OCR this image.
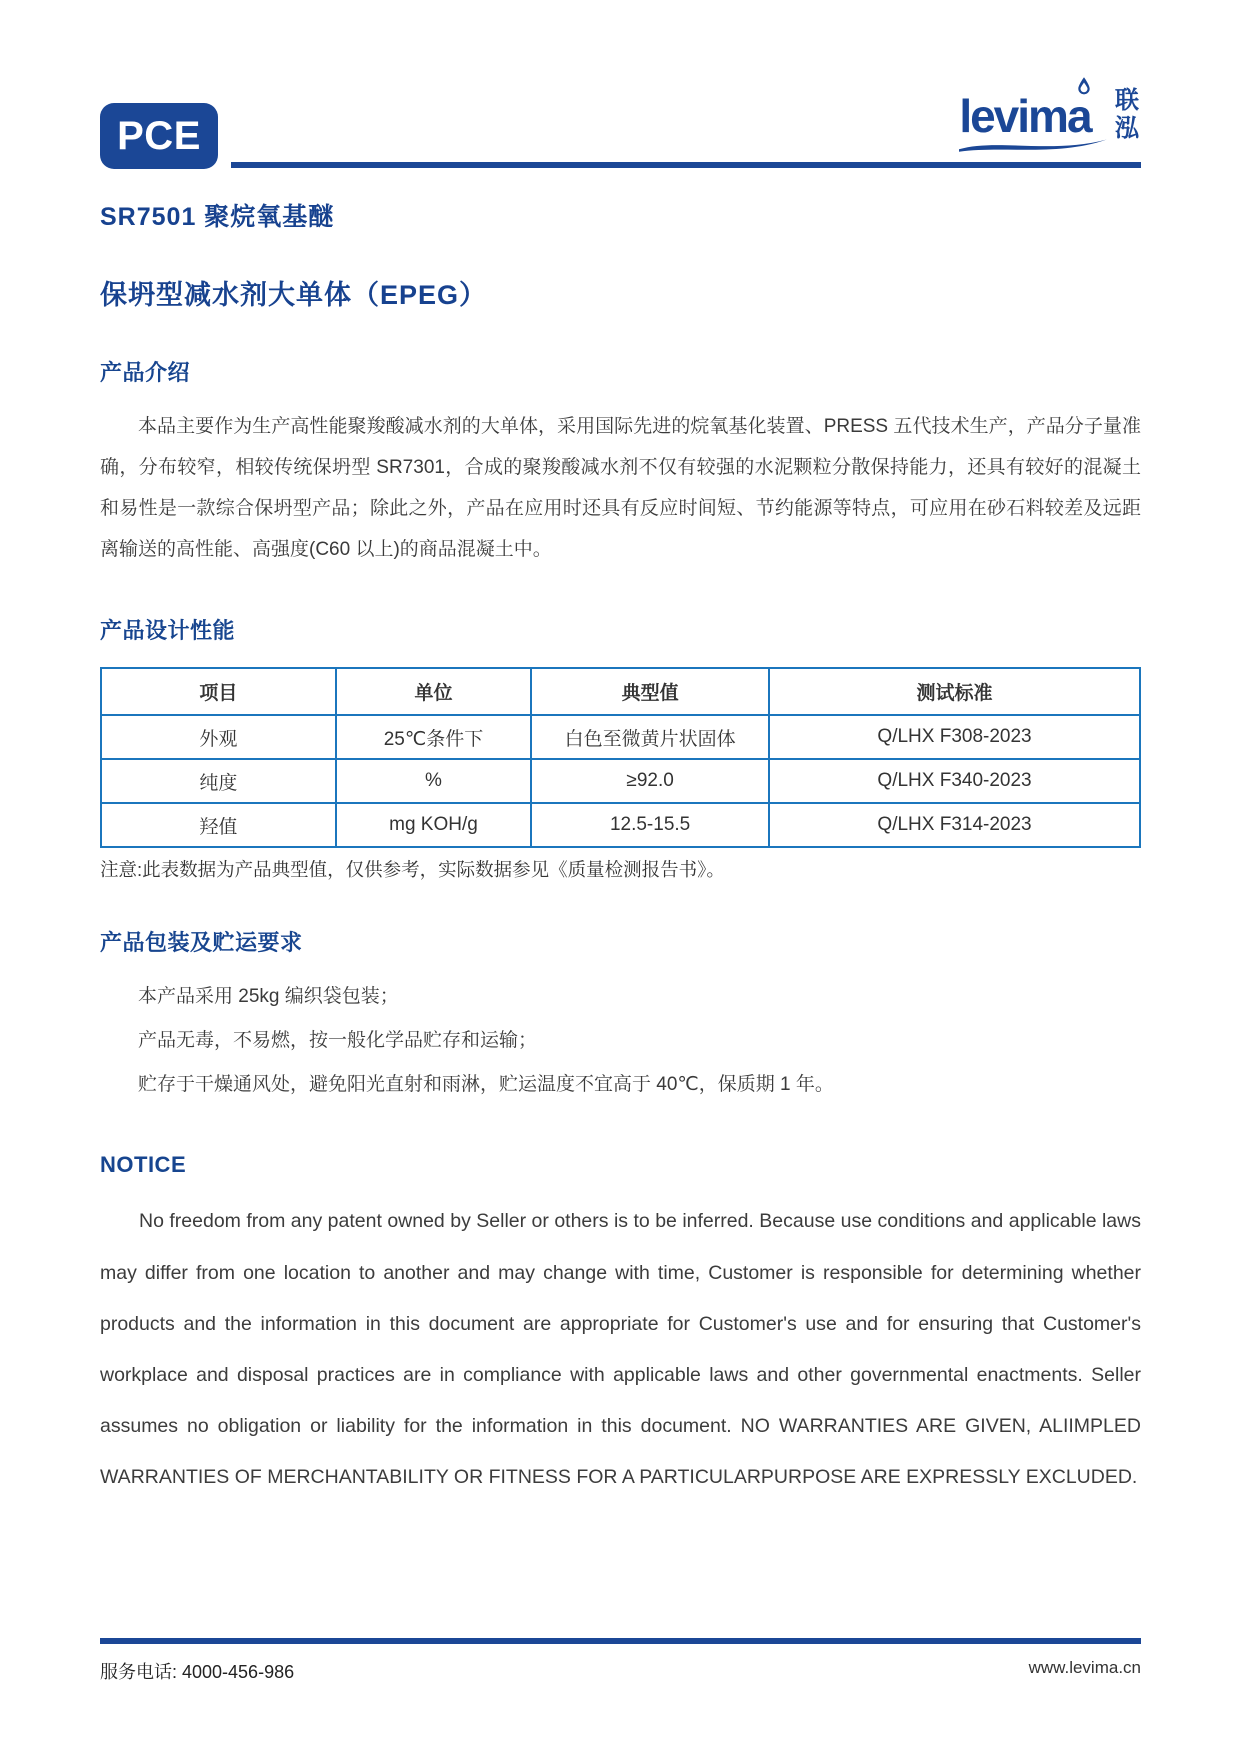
PCE	levima	联
泓
SR7501 聚烷氧基醚
保坍型减水剂大单体（EPEG）
产品介绍

本品主要作为生产高性能聚羧酸减水剂的大单体，采用国际先进的烷氧基化装置、PRESS 五代技术生产，产品分子量准确，分布较窄，相较传统保坍型 SR7301，合成的聚羧酸减水剂不仅有较强的水泥颗粒分散保持能力，还具有较好的混凝土和易性是一款综合保坍型产品；除此之外，产品在应用时还具有反应时间短、节约能源等特点，可应用在砂石料较差及远距离输送的高性能、高强度(C60 以上)的商品混凝土中。

产品设计性能
项目	单位	典型值	测试标准
外观	25℃条件下	白色至微黄片状固体	Q/LHX F308-2023
纯度	%	≥92.0	Q/LHX F340-2023
羟值	mg KOH/g	12.5-15.5	Q/LHX F314-2023
注意:此表数据为产品典型值，仅供参考，实际数据参见《质量检测报告书》。
产品包装及贮运要求
本产品采用 25kg 编织袋包装；
产品无毒，不易燃，按一般化学品贮存和运输；
贮存于干燥通风处，避免阳光直射和雨淋，贮运温度不宜高于 40℃，保质期 1 年。
NOTICE

No freedom from any patent owned by Seller or others is to be inferred. Because use conditions and applicable laws may differ from one location to another and may change with time, Customer is responsible for determining whether products and the information in this document are appropriate for Customer's use and for ensuring that Customer's workplace and disposal practices are in compliance with applicable laws and other governmental enactments. Seller assumes no obligation or liability for the information in this document. NO WARRANTIES ARE GIVEN, ALIIMPLED WARRANTIES OF MERCHANTABILITY OR FITNESS FOR A PARTICULARPURPOSE ARE EXPRESSLY EXCLUDED.

服务电话: 4000-456-986	www.levima.cn
